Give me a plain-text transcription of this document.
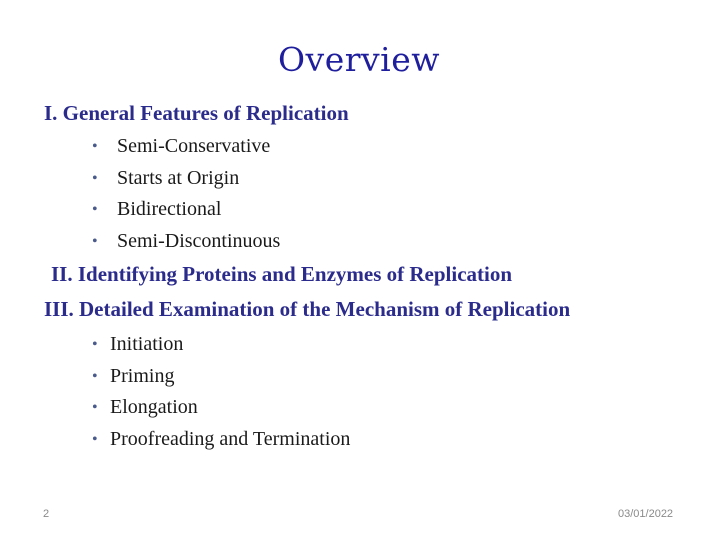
Overview
I. General Features of Replication
• Semi-Conservative
• Starts at Origin
• Bidirectional
• Semi-Discontinuous
II. Identifying Proteins and Enzymes of Replication
III. Detailed Examination of the Mechanism of Replication
• Initiation
• Priming
• Elongation
• Proofreading and Termination
2	03/01/2022
